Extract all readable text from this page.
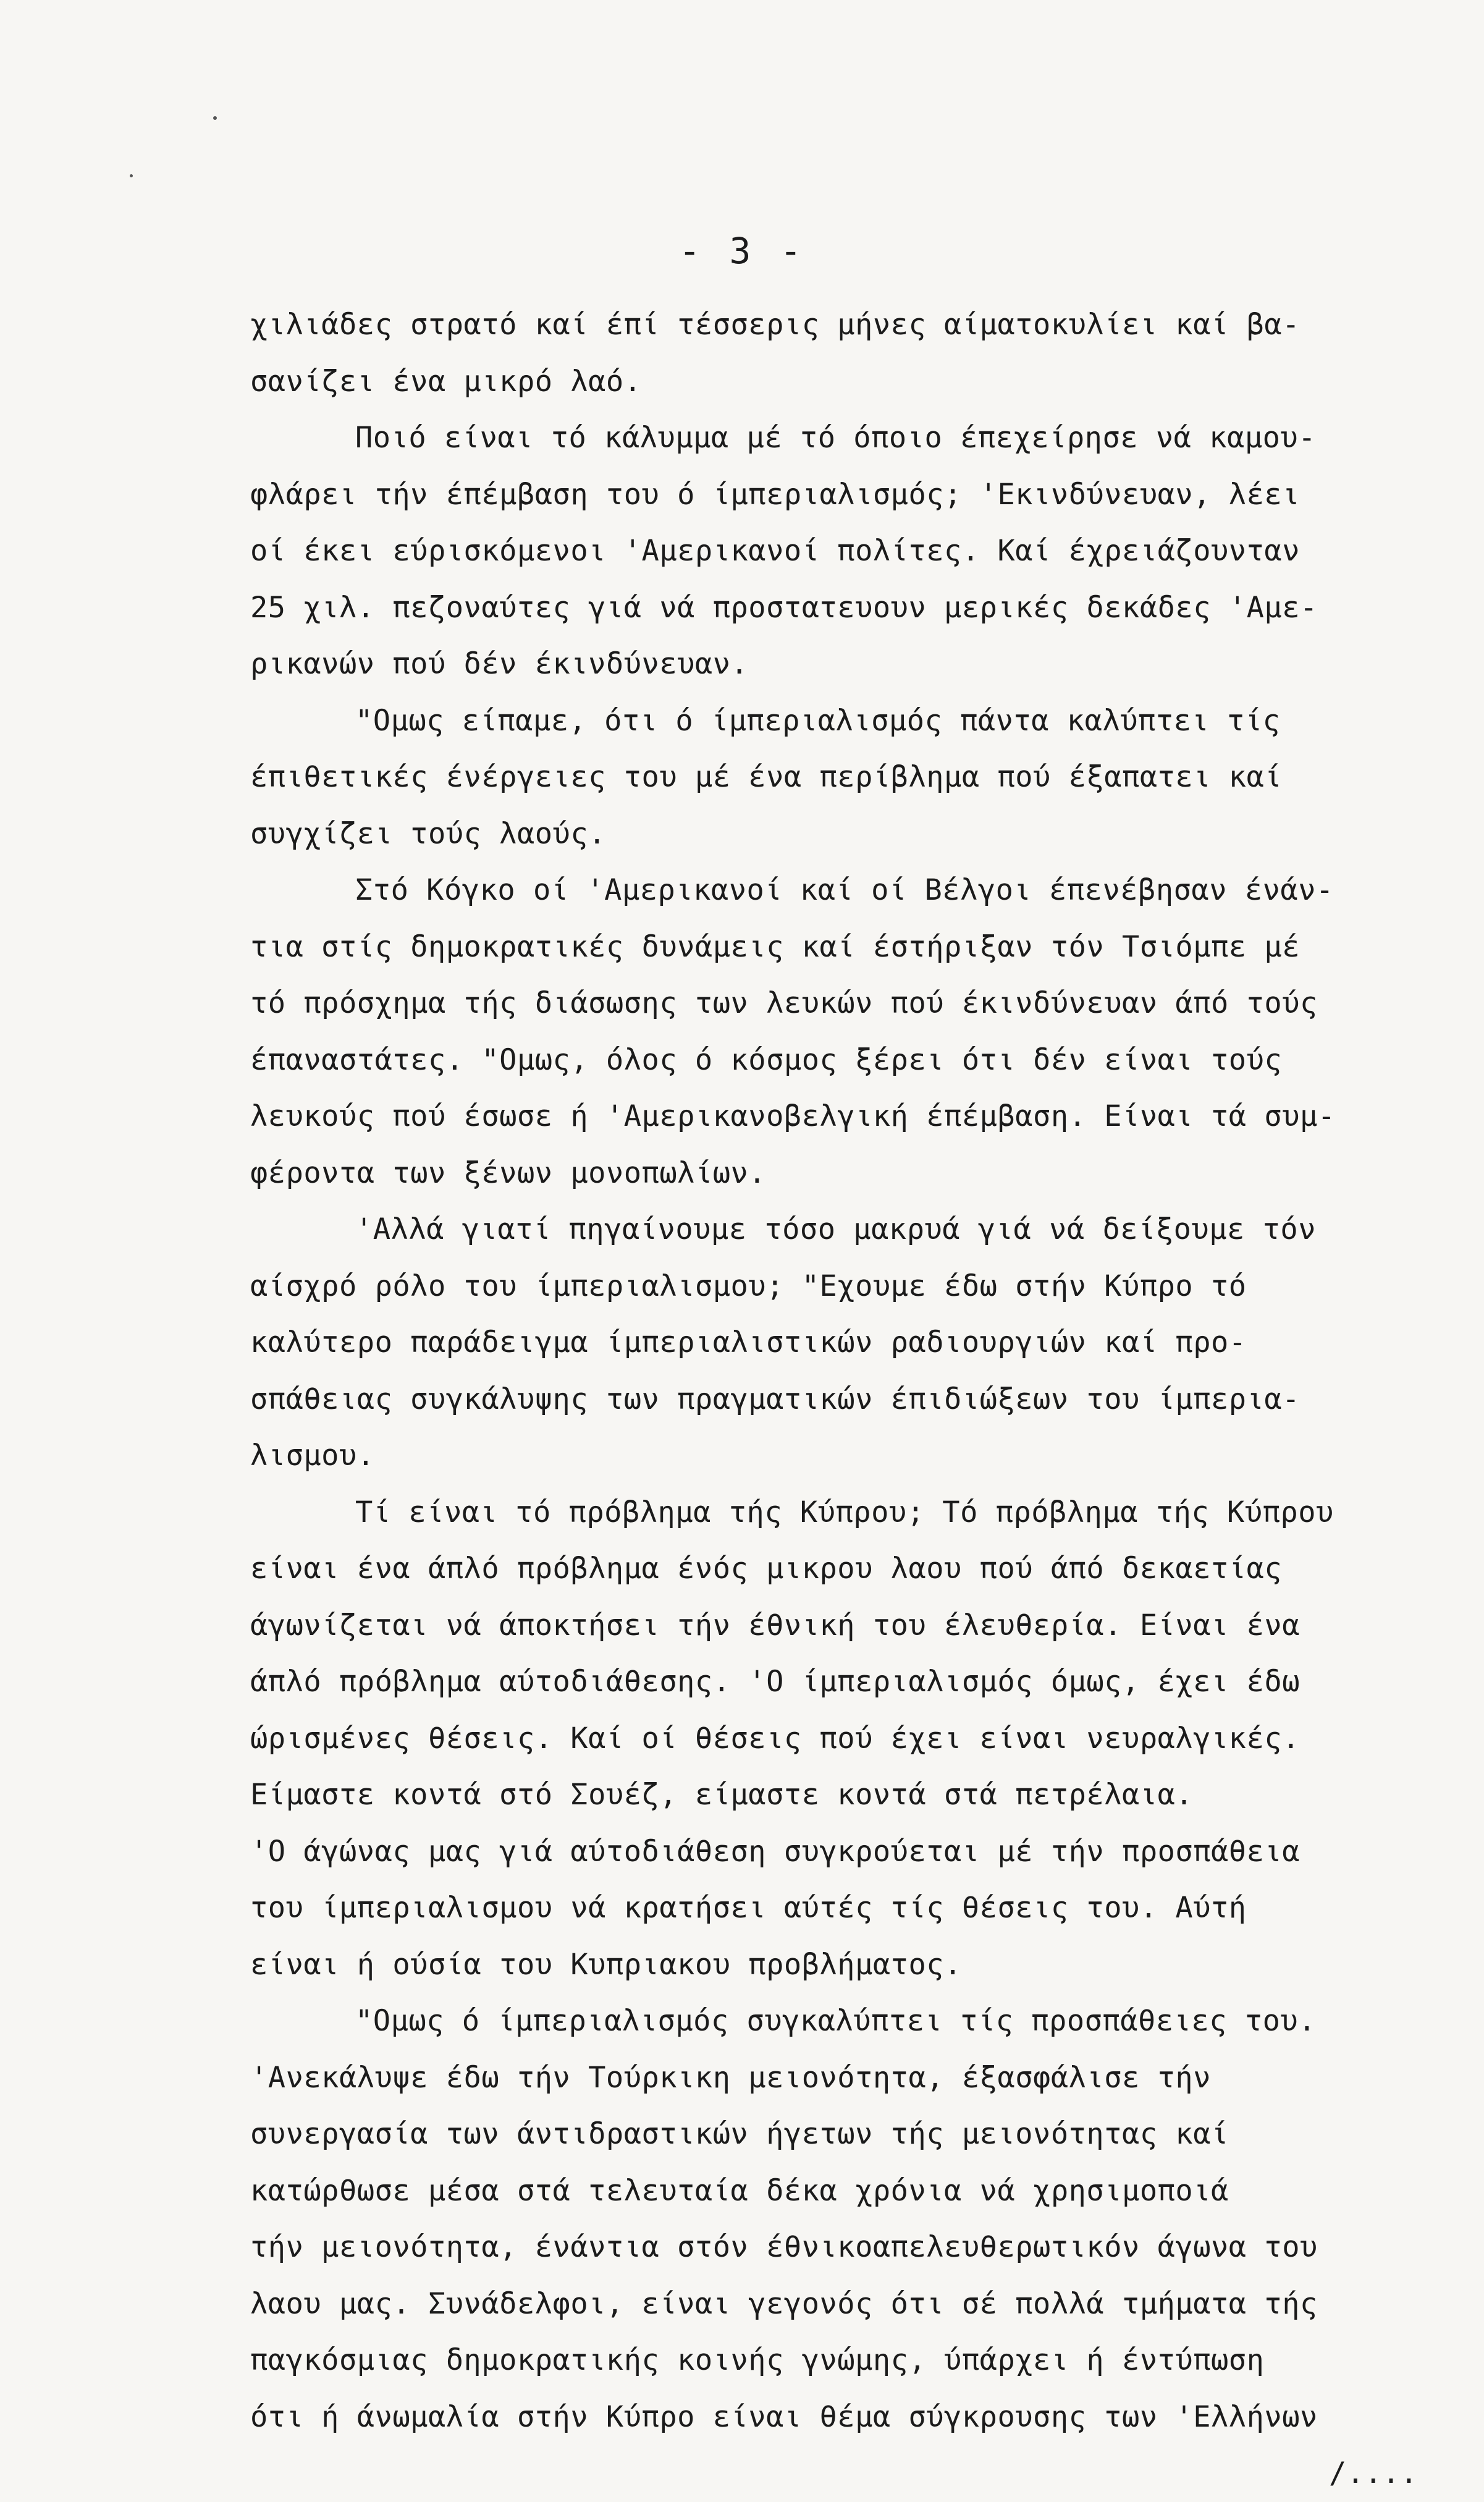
- 3 -
χιλιάδες στρατό καί έπί τέσσερις μήνες αίματοκυλίει καί βα-
σανίζει ένα μικρό λαό.
Ποιό είναι τό κάλυμμα μέ τό όποιο έπεχείρησε νά καμου-
φλάρει τήν έπέμβαση του ό ίμπεριαλισμός; 'Εκινδύνευαν, λέει
οί έκει εύρισκόμενοι 'Αμερικανοί πολίτες. Καί έχρειάζουνταν
25 χιλ. πεζοναύτες γιά νά προστατευουν μερικές δεκάδες 'Αμε-
ρικανών πού δέν έκινδύνευαν.
"Ομως είπαμε, ότι ό ίμπεριαλισμός πάντα καλύπτει τίς
έπιθετικές ένέργειες του μέ ένα περίβλημα πού έξαπατει καί
συγχίζει τούς λαούς.
Στό Κόγκο οί 'Αμερικανοί καί οί Βέλγοι έπενέβησαν ένάν-
τια στίς δημοκρατικές δυνάμεις καί έστήριξαν τόν Τσιόμπε μέ
τό πρόσχημα τής διάσωσης των λευκών πού έκινδύνευαν άπό τούς
έπαναστάτες. "Ομως, όλος ό κόσμος ξέρει ότι δέν είναι τούς
λευκούς πού έσωσε ή 'Αμερικανοβελγική έπέμβαση. Είναι τά συμ-
φέροντα των ξένων μονοπωλίων.
'Αλλά γιατί πηγαίνουμε τόσο μακρυά γιά νά δείξουμε τόν
αίσχρό ρόλο του ίμπεριαλισμου; "Εχουμε έδω στήν Κύπρο τό
καλύτερο παράδειγμα ίμπεριαλιστικών ραδιουργιών καί προ-
σπάθειας συγκάλυψης των πραγματικών έπιδιώξεων του ίμπερια-
λισμου.
Τί είναι τό πρόβλημα τής Κύπρου; Τό πρόβλημα τής Κύπρου
είναι ένα άπλό πρόβλημα ένός μικρου λαου πού άπό δεκαετίας
άγωνίζεται νά άποκτήσει τήν έθνική του έλευθερία. Είναι ένα
άπλό πρόβλημα αύτοδιάθεσης. 'Ο ίμπεριαλισμός όμως, έχει έδω
ώρισμένες θέσεις. Καί οί θέσεις πού έχει είναι νευραλγικές.
Είμαστε κοντά στό Σουέζ, είμαστε κοντά στά πετρέλαια.
'Ο άγώνας μας γιά αύτοδιάθεση συγκρούεται μέ τήν προσπάθεια
του ίμπεριαλισμου νά κρατήσει αύτές τίς θέσεις του. Αύτή
είναι ή ούσία του Κυπριακου προβλήματος.
"Ομως ό ίμπεριαλισμός συγκαλύπτει τίς προσπάθειες του.
'Ανεκάλυψε έδω τήν Τούρκικη μειονότητα, έξασφάλισε τήν
συνεργασία των άντιδραστικών ήγετων τής μειονότητας καί
κατώρθωσε μέσα στά τελευταία δέκα χρόνια νά χρησιμοποιά
τήν μειονότητα, ένάντια στόν έθνικοαπελευθερωτικόν άγωνα του
λαου μας. Συνάδελφοι, είναι γεγονός ότι σέ πολλά τμήματα τής
παγκόσμιας δημοκρατικής κοινής γνώμης, ύπάρχει ή έντύπωση
ότι ή άνωμαλία στήν Κύπρο είναι θέμα σύγκρουσης των 'Ελλήνων
/....
